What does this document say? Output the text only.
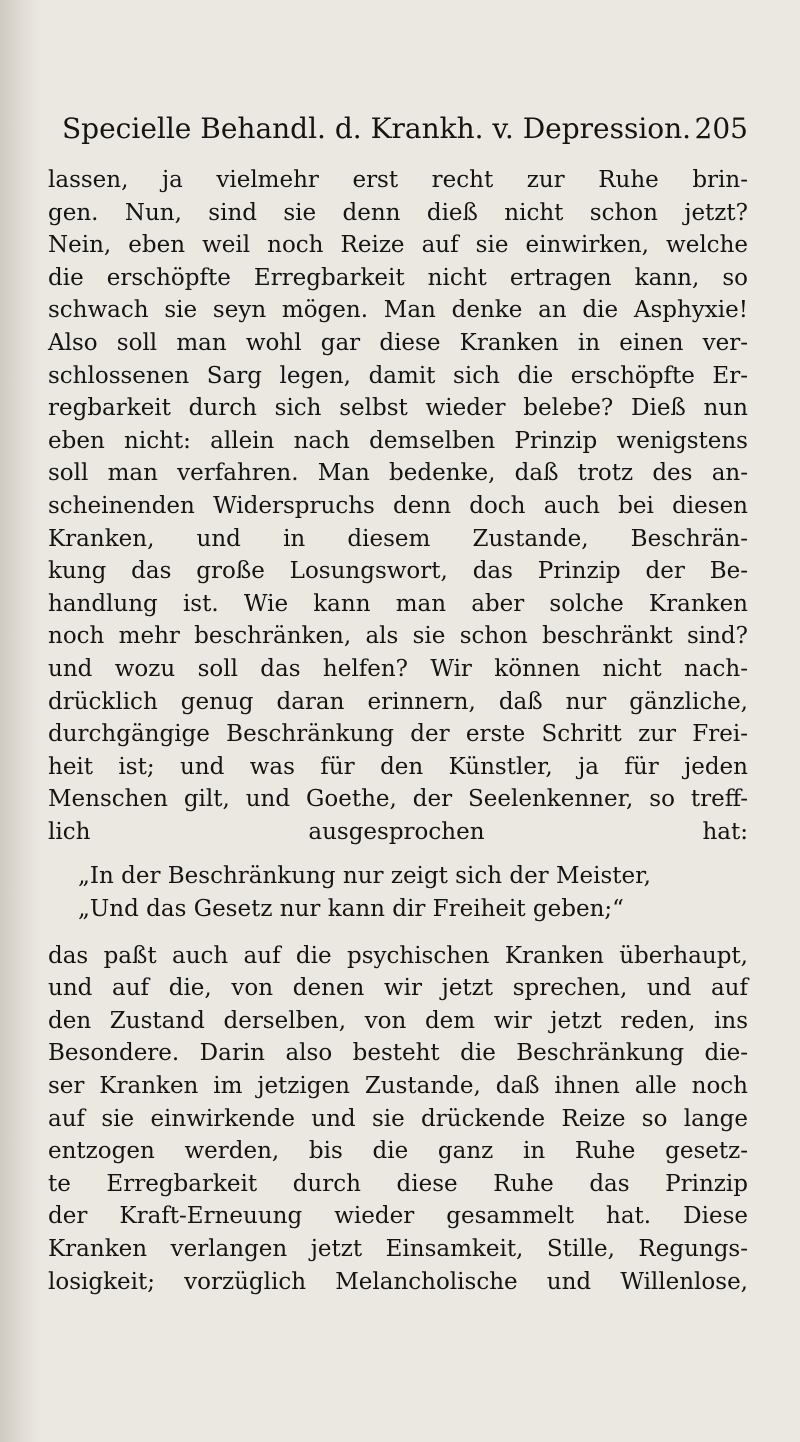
Specielle Behandl. d. Krankh. v. Depression. 205
lassen, ja vielmehr erst recht zur Ruhe brin-
gen. Nun, sind sie denn dieß nicht schon jetzt?
Nein, eben weil noch Reize auf sie einwirken, welche
die erschöpfte Erregbarkeit nicht ertragen kann, so
schwach sie seyn mögen. Man denke an die Asphyxie!
Also soll man wohl gar diese Kranken in einen ver-
schlossenen Sarg legen, damit sich die erschöpfte Er-
regbarkeit durch sich selbst wieder belebe? Dieß nun
eben nicht: allein nach demselben Prinzip wenigstens
soll man verfahren. Man bedenke, daß trotz des an-
scheinenden Widerspruchs denn doch auch bei diesen
Kranken, und in diesem Zustande, Beschrän-
kung das große Losungswort, das Prinzip der Be-
handlung ist. Wie kann man aber solche Kranken
noch mehr beschränken, als sie schon beschränkt sind?
und wozu soll das helfen? Wir können nicht nach-
drücklich genug daran erinnern, daß nur gänzliche,
durchgängige Beschränkung der erste Schritt zur Frei-
heit ist; und was für den Künstler, ja für jeden
Menschen gilt, und Goethe, der Seelenkenner, so treff-
lich ausgesprochen hat:
„In der Beschränkung nur zeigt sich der Meister,
„Und das Gesetz nur kann dir Freiheit geben;“
das paßt auch auf die psychischen Kranken überhaupt,
und auf die, von denen wir jetzt sprechen, und auf
den Zustand derselben, von dem wir jetzt reden, ins
Besondere. Darin also besteht die Beschränkung die-
ser Kranken im jetzigen Zustande, daß ihnen alle noch
auf sie einwirkende und sie drückende Reize so lange
entzogen werden, bis die ganz in Ruhe gesetz-
te Erregbarkeit durch diese Ruhe das Prinzip
der Kraft-Erneuung wieder gesammelt hat. Diese
Kranken verlangen jetzt Einsamkeit, Stille, Regungs-
losigkeit; vorzüglich Melancholische und Willenlose,
